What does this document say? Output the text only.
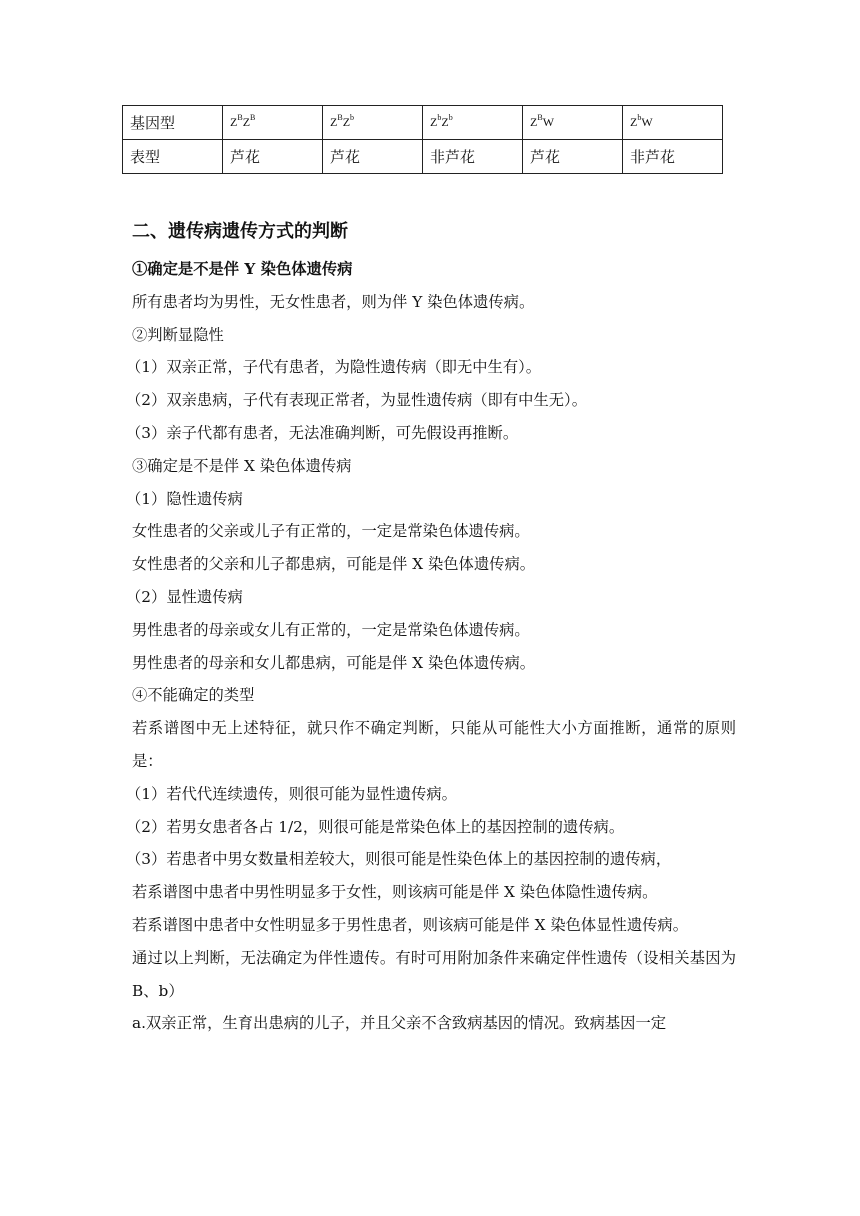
基因型	$Z^BZ^B$	$Z^BZ^b$	$Z^bZ^b$	$Z^BW$	$Z^bW$
表型	芦花	芦花	非芦花	芦花	非芦花

二、遗传病遗传方式的判断

①确定是不是伴 Y 染色体遗传病

所有患者均为男性，无女性患者，则为伴 Y 染色体遗传病。

②判断显隐性

（1）双亲正常，子代有患者，为隐性遗传病（即无中生有）。

（2）双亲患病，子代有表现正常者，为显性遗传病（即有中生无）。

（3）亲子代都有患者，无法准确判断，可先假设再推断。

③确定是不是伴 X 染色体遗传病

（1）隐性遗传病

女性患者的父亲或儿子有正常的，一定是常染色体遗传病。

女性患者的父亲和儿子都患病，可能是伴 X 染色体遗传病。

（2）显性遗传病

男性患者的母亲或女儿有正常的，一定是常染色体遗传病。

男性患者的母亲和女儿都患病，可能是伴 X 染色体遗传病。

④不能确定的类型

若系谱图中无上述特征，就只作不确定判断，只能从可能性大小方面推断，通常的原则是：

（1）若代代连续遗传，则很可能为显性遗传病。

（2）若男女患者各占 1/2，则很可能是常染色体上的基因控制的遗传病。

（3）若患者中男女数量相差较大，则很可能是性染色体上的基因控制的遗传病，

若系谱图中患者中男性明显多于女性，则该病可能是伴 X 染色体隐性遗传病。

若系谱图中患者中女性明显多于男性患者，则该病可能是伴 X 染色体显性遗传病。

通过以上判断，无法确定为伴性遗传。有时可用附加条件来确定伴性遗传（设相关基因为 B、b）

a.双亲正常，生育出患病的儿子，并且父亲不含致病基因的情况。致病基因一定
